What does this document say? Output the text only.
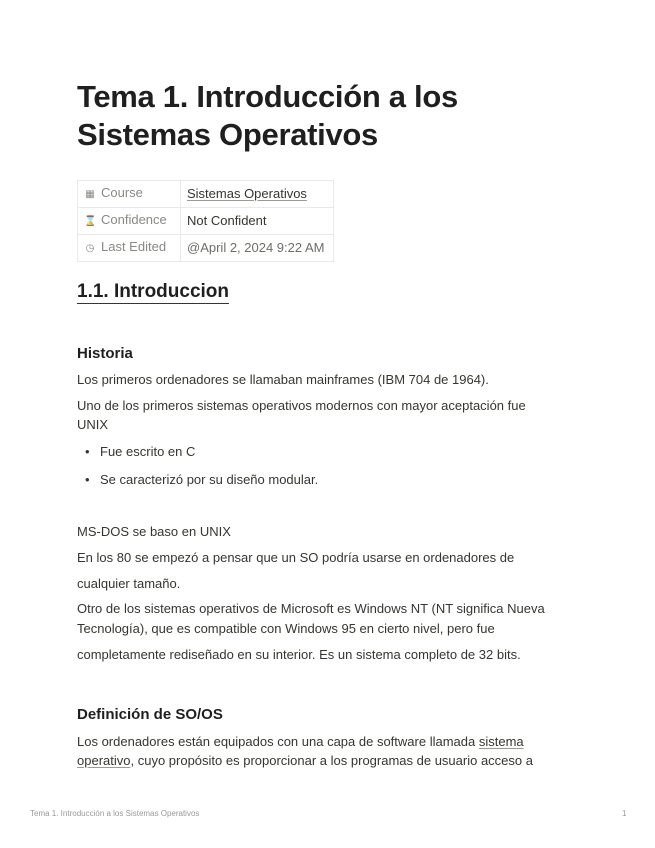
Tema 1. Introducción a los Sistemas Operativos
▦ Course	Sistemas Operativos
⌛ Confidence	Not Confident
◷ Last Edited	@April 2, 2024 9:22 AM
1.1. Introduccion
Historia

Los primeros ordenadores se llamaban mainframes (IBM 704 de 1964).

Uno de los primeros sistemas operativos modernos con mayor aceptación fue

UNIX

• Fue escrito en C
• Se caracterizó por su diseño modular.

MS-DOS se baso en UNIX

En los 80 se empezó a pensar que un SO podría usarse en ordenadores de

cualquier tamaño.

Otro de los sistemas operativos de Microsoft es Windows NT (NT significa Nueva

Tecnología), que es compatible con Windows 95 en cierto nivel, pero fue

completamente rediseñado en su interior. Es un sistema completo de 32 bits.

Definición de SO/OS

Los ordenadores están equipados con una capa de software llamada sistema

operativo, cuyo propósito es proporcionar a los programas de usuario acceso a

Tema 1. Introducción a los Sistemas Operativos	1
